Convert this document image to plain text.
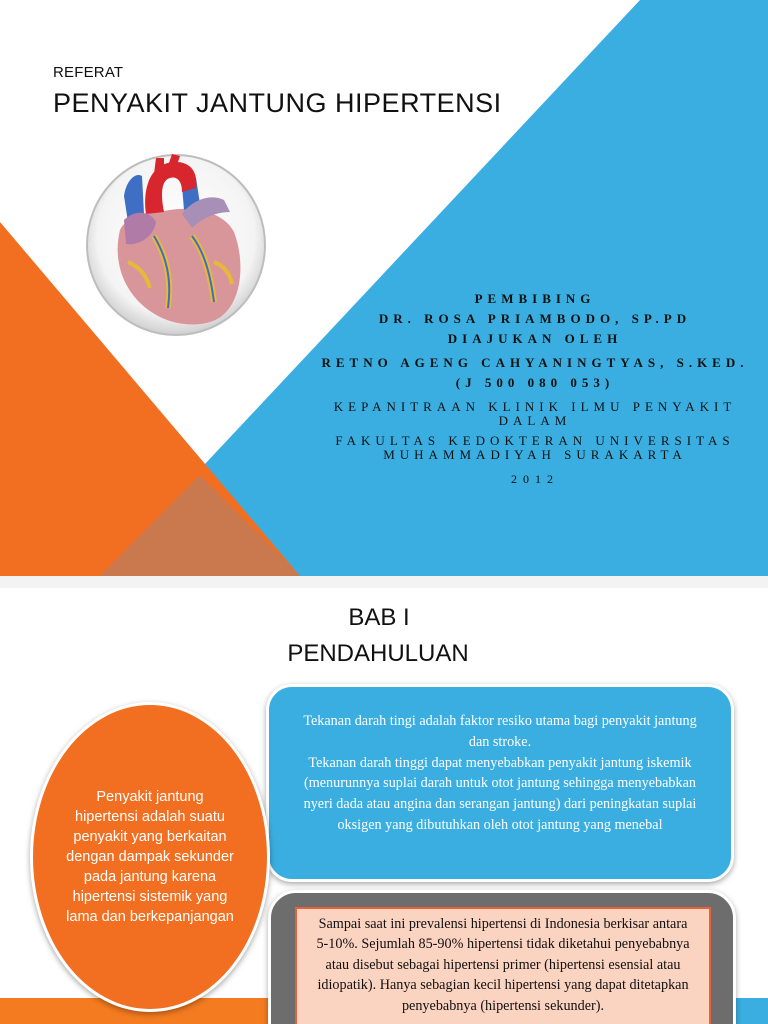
REFERAT
PENYAKIT JANTUNG HIPERTENSI
PEMBIBING
DR. ROSA PRIAMBODO, SP.PD
DIAJUKAN OLEH
RETNO AGENG CAHYANINGTYAS, S.KED.
(J 500 080 053)
KEPANITRAAN KLINIK ILMU PENYAKIT DALAM
FAKULTAS KEDOKTERAN UNIVERSITAS MUHAMMADIYAH SURAKARTA
2012
BAB I
PENDAHULUAN
Tekanan darah tingi adalah faktor resiko utama bagi penyakit jantung dan stroke.
Tekanan darah tinggi dapat menyebabkan penyakit jantung iskemik (menurunnya suplai darah untuk otot jantung sehingga menyebabkan nyeri dada atau angina dan serangan jantung) dari peningkatan suplai oksigen yang dibutuhkan oleh otot jantung yang menebal
Penyakit jantung hipertensi adalah suatu penyakit yang berkaitan dengan dampak sekunder pada jantung karena hipertensi sistemik yang lama dan berkepanjangan	Sampai saat ini prevalensi hipertensi di Indonesia berkisar antara 5-10%. Sejumlah 85-90% hipertensi tidak diketahui penyebabnya atau disebut sebagai hipertensi primer (hipertensi esensial atau idiopatik). Hanya sebagian kecil hipertensi yang dapat ditetapkan penyebabnya (hipertensi sekunder).
